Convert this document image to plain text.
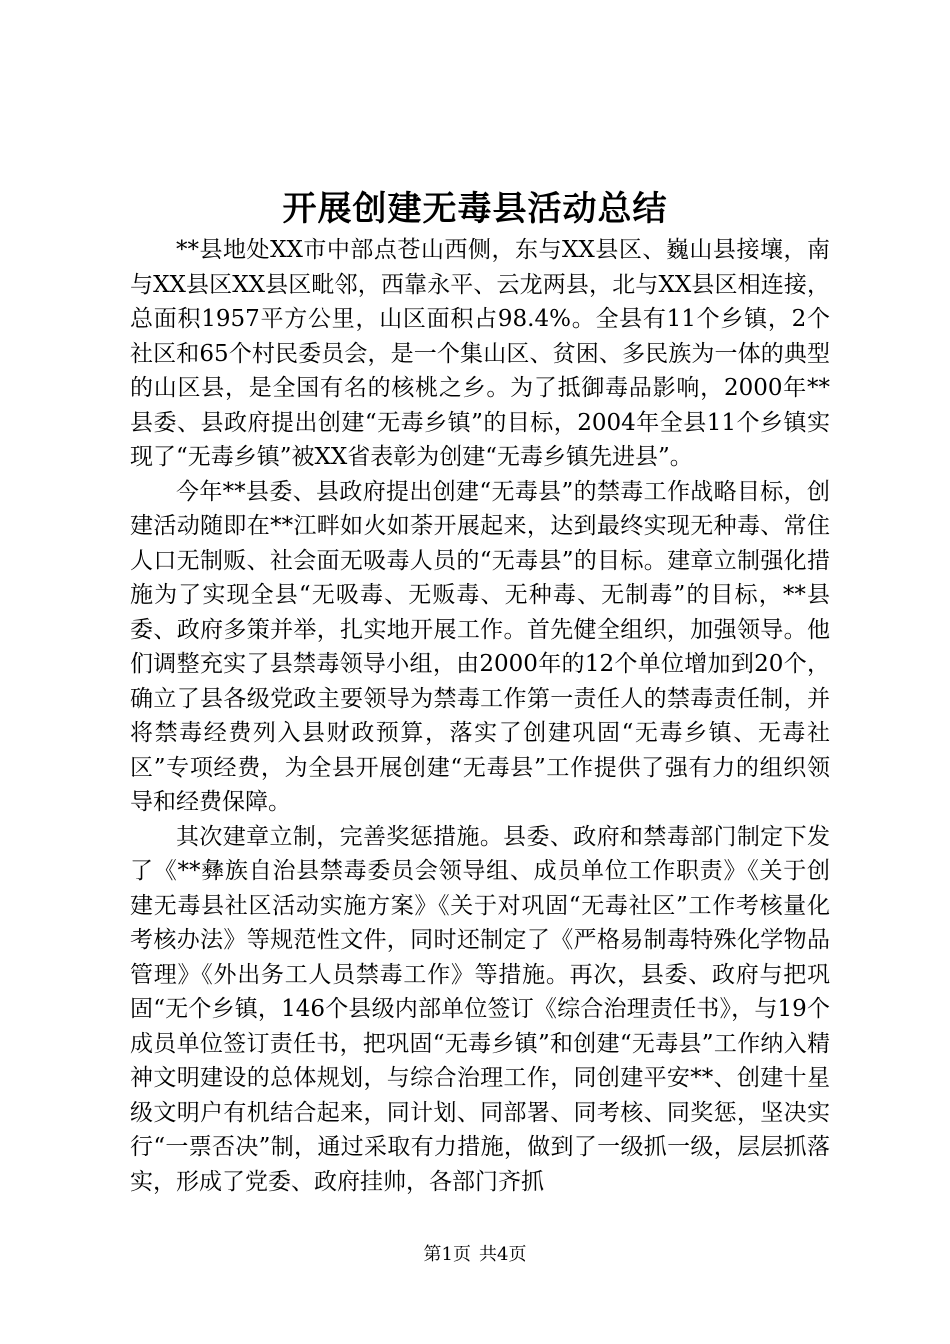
开展创建无毒县活动总结

**县地处XX市中部点苍山西侧，东与XX县区、巍山县接壤，南与XX县区XX县区毗邻，西靠永平、云龙两县，北与XX县区相连接，总面积1957平方公里，山区面积占98.4%。全县有11个乡镇，2个社区和65个村民委员会，是一个集山区、贫困、多民族为一体的典型的山区县，是全国有名的核桃之乡。为了抵御毒品影响，2000年**县委、县政府提出创建“无毒乡镇”的目标，2004年全县11个乡镇实现了“无毒乡镇”被XX省表彰为创建“无毒乡镇先进县”。

今年**县委、县政府提出创建“无毒县”的禁毒工作战略目标，创建活动随即在**江畔如火如荼开展起来，达到最终实现无种毒、常住人口无制贩、社会面无吸毒人员的“无毒县”的目标。建章立制强化措施为了实现全县“无吸毒、无贩毒、无种毒、无制毒”的目标，**县委、政府多策并举，扎实地开展工作。首先健全组织，加强领导。他们调整充实了县禁毒领导小组，由2000年的12个单位增加到20个，确立了县各级党政主要领导为禁毒工作第一责任人的禁毒责任制，并将禁毒经费列入县财政预算，落实了创建巩固“无毒乡镇、无毒社区”专项经费，为全县开展创建“无毒县”工作提供了强有力的组织领导和经费保障。

其次建章立制，完善奖惩措施。县委、政府和禁毒部门制定下发了《**彝族自治县禁毒委员会领导组、成员单位工作职责》《关于创建无毒县社区活动实施方案》《关于对巩固“无毒社区”工作考核量化考核办法》等规范性文件，同时还制定了《严格易制毒特殊化学物品管理》《外出务工人员禁毒工作》等措施。再次，县委、政府与把巩固“无个乡镇，146个县级内部单位签订《综合治理责任书》，与19个成员单位签订责任书，把巩固“无毒乡镇”和创建“无毒县”工作纳入精神文明建设的总体规划，与综合治理工作，同创建平安**、创建十星级文明户有机结合起来，同计划、同部署、同考核、同奖惩，坚决实行“一票否决”制，通过采取有力措施，做到了一级抓一级，层层抓落实，形成了党委、政府挂帅，各部门齐抓

第1页 共4页
